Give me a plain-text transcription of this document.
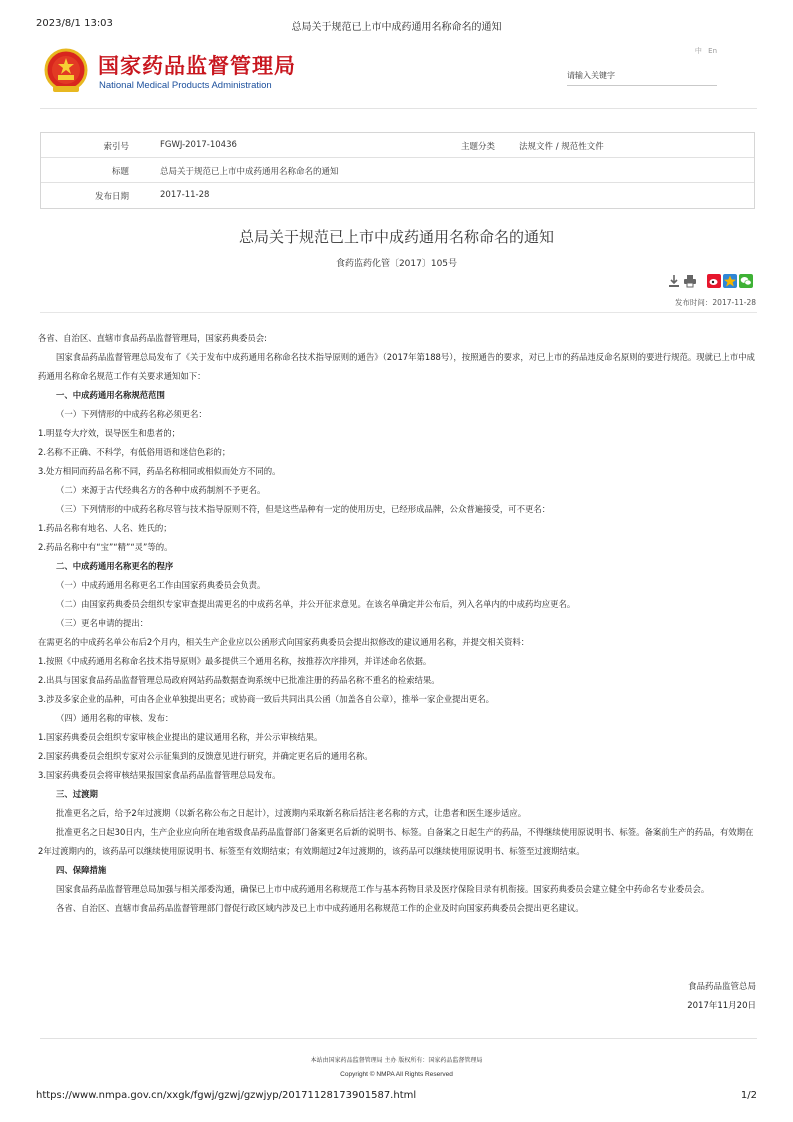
2023/8/1 13:03	总局关于规范已上市中成药通用名称命名的通知
国家药品监督管理局
National Medical Products Administration
中 En
请输入关键字
索引号	FGWJ-2017-10436	主题分类	法规文件 / 规范性文件
标题	总局关于规范已上市中成药通用名称命名的通知
发布日期	2017-11-28
总局关于规范已上市中成药通用名称命名的通知
食药监药化管〔2017〕105号
发布时间：2017-11-28

各省、自治区、直辖市食品药品监督管理局，国家药典委员会:

国家食品药品监督管理总局发布了《关于发布中成药通用名称命名技术指导原则的通告》（2017年第188号），按照通告的要求，对已上市的药品违反命名原则的要进行规范。现就已上市中成药通用名称命名规范工作有关要求通知如下：

一、中成药通用名称规范范围

（一）下列情形的中成药名称必须更名：

1.明显夸大疗效，误导医生和患者的；

2.名称不正确、不科学，有低俗用语和迷信色彩的；

3.处方相同而药品名称不同，药品名称相同或相似而处方不同的。

（二）来源于古代经典名方的各种中成药制剂不予更名。

（三）下列情形的中成药名称尽管与技术指导原则不符，但是这些品种有一定的使用历史，已经形成品牌，公众普遍接受，可不更名：

1.药品名称有地名、人名、姓氏的；

2.药品名称中有“宝”“精”“灵”等的。

二、中成药通用名称更名的程序

（一）中成药通用名称更名工作由国家药典委员会负责。

（二）由国家药典委员会组织专家审查提出需更名的中成药名单，并公开征求意见。在该名单确定并公布后，列入名单内的中成药均应更名。

（三）更名申请的提出：

在需更名的中成药名单公布后2个月内，相关生产企业应以公函形式向国家药典委员会提出拟修改的建议通用名称，并提交相关资料：

1.按照《中成药通用名称命名技术指导原则》最多提供三个通用名称，按推荐次序排列，并详述命名依据。

2.出具与国家食品药品监督管理总局政府网站药品数据查询系统中已批准注册的药品名称不重名的检索结果。

3.涉及多家企业的品种，可由各企业单独提出更名；或协商一致后共同出具公函（加盖各自公章），推举一家企业提出更名。

（四）通用名称的审核、发布：

1.国家药典委员会组织专家审核企业提出的建议通用名称，并公示审核结果。

2.国家药典委员会组织专家对公示征集到的反馈意见进行研究，并确定更名后的通用名称。

3.国家药典委员会将审核结果报国家食品药品监督管理总局发布。

三、过渡期

批准更名之后，给予2年过渡期（以新名称公布之日起计），过渡期内采取新名称后括注老名称的方式，让患者和医生逐步适应。

批准更名之日起30日内，生产企业应向所在地省级食品药品监督部门备案更名后新的说明书、标签。自备案之日起生产的药品，不得继续使用原说明书、标签。备案前生产的药品，有效期在2年过渡期内的，该药品可以继续使用原说明书、标签至有效期结束；有效期超过2年过渡期的，该药品可以继续使用原说明书、标签至过渡期结束。

四、保障措施

国家食品药品监督管理总局加强与相关部委沟通，确保已上市中成药通用名称规范工作与基本药物目录及医疗保险目录有机衔接。国家药典委员会建立健全中药命名专业委员会。

各省、自治区、直辖市食品药品监督管理部门督促行政区域内涉及已上市中成药通用名称规范工作的企业及时向国家药典委员会提出更名建议。

食品药品监管总局
2017年11月20日
本站由国家药品监督管理局 主办 版权所有：国家药品监督管理局
Copyright © NMPA All Rights Reserved
https://www.nmpa.gov.cn/xxgk/fgwj/gzwj/gzwjyp/20171128173901587.html	1/2
